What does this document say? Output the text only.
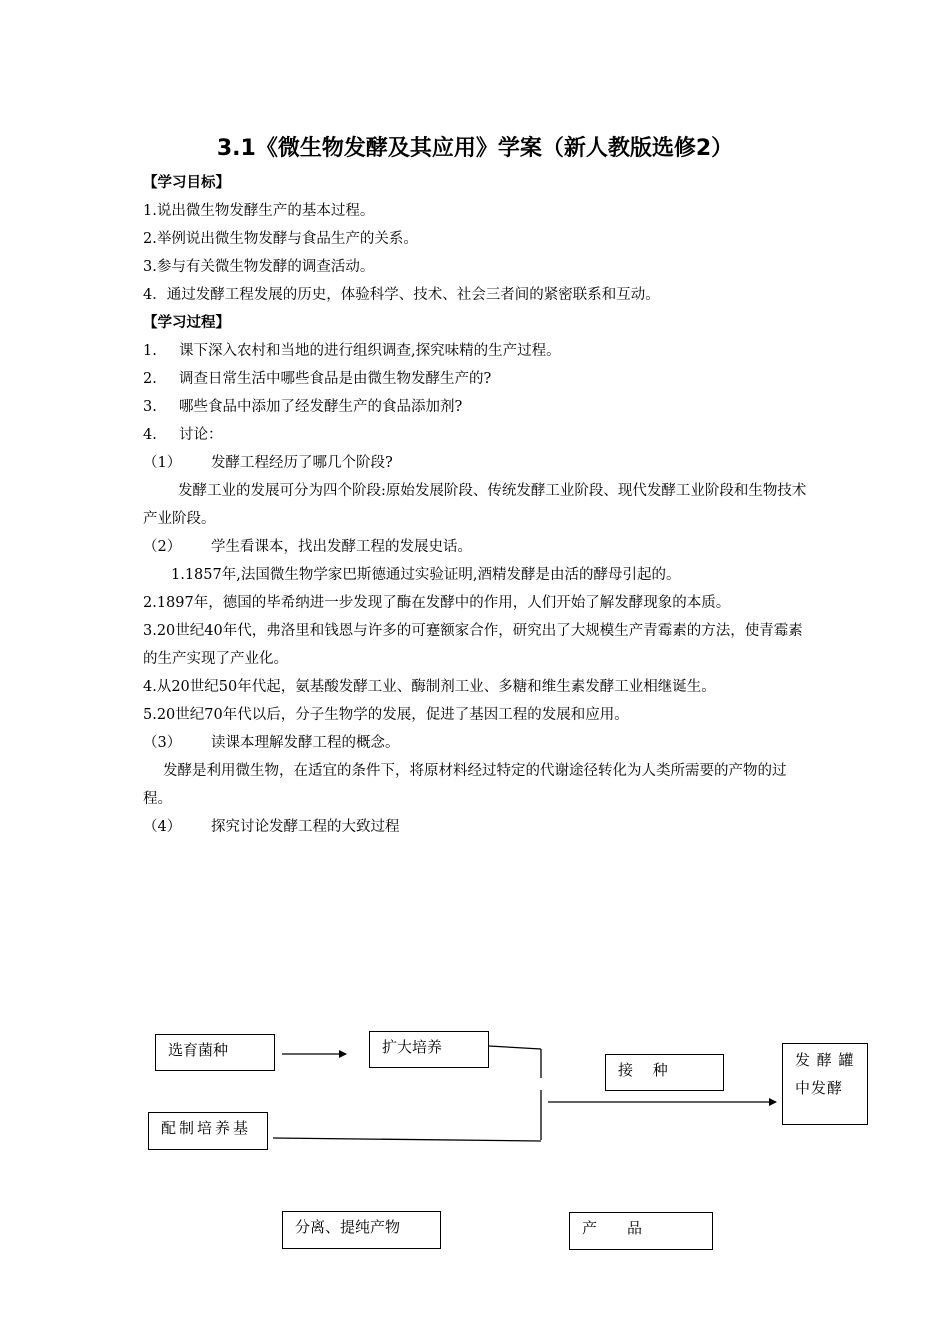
3.1《微生物发酵及其应用》学案（新人教版选修2）
【学习目标】
1.说出微生物发酵生产的基本过程。
2.举例说出微生物发酵与食品生产的关系。
3.参与有关微生物发酵的调查活动。
4．通过发酵工程发展的历史，体验科学、技术、社会三者间的紧密联系和互动。
【学习过程】
1. 课下深入农村和当地的进行组织调查,探究味精的生产过程。
2. 调查日常生活中哪些食品是由微生物发酵生产的?
3. 哪些食品中添加了经发酵生产的食品添加剂?
4. 讨论：
（1） 发酵工程经历了哪几个阶段?
发酵工业的发展可分为四个阶段:原始发展阶段、传统发酵工业阶段、现代发酵工业阶段和生物技术产业阶段。
（2） 学生看课本，找出发酵工程的发展史话。
1.1857年,法国微生物学家巴斯德通过实验证明,酒精发酵是由活的酵母引起的。
2.1897年，德国的毕希纳进一步发现了酶在发酵中的作用，人们开始了解发酵现象的本质。
3.20世纪40年代，弗洛里和钱恩与许多的可蹇额家合作，研究出了大规模生产青霉素的方法，使青霉素的生产实现了产业化。
4.从20世纪50年代起，氨基酸发酵工业、酶制剂工业、多糖和维生素发酵工业相继诞生。
5.20世纪70年代以后，分子生物学的发展，促进了基因工程的发展和应用。
（3） 读课本理解发酵工程的概念。
发酵是利用微生物，在适宜的条件下，将原材料经过特定的代谢途径转化为人类所需要的产物的过程。
（4） 探究讨论发酵工程的大致过程
选育菌种	扩大培养
配制培养基
接　 种
发 酵 罐 中发酵
分离、提纯产物	产　　品
